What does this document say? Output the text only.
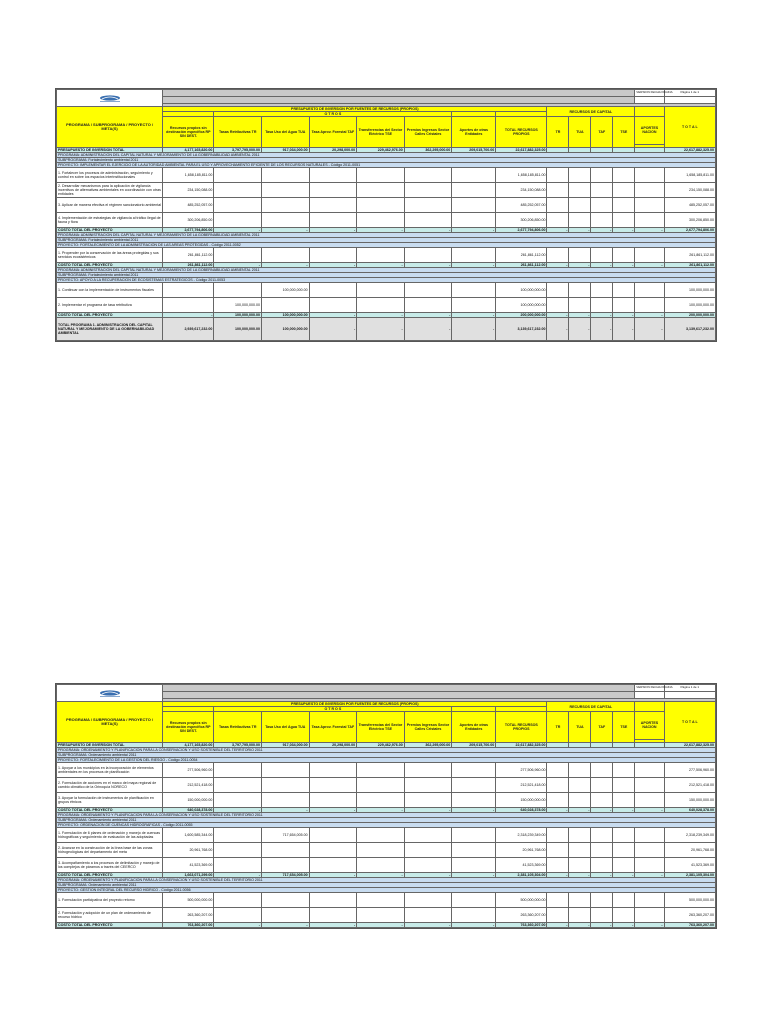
		VERSION FECHA PAGINA	Página 1 de 1

PROGRAMA / SUBPROGRAMA / PROYECTO / META(S)	PRESUPUESTO DE INVERSION POR FUENTES DE RECURSOS (PROPIOS)								RECURSOS DE CAPITAL					T O T A L
		O T R O S												
	Recursos propios sin destinación especifica RP SIN DEST.	Tasas Retributivas TR	Tasa Uso del Agua TUA	Tasa Aprov. Forestal TAF	Transferencias del Sector Eléctrico TSE	Premios Ingresos Sector Calles Cristales	Aportes de otras Entidades	TOTAL RECURSOS PROPIOS	TR	TUA	TAF	TSE	APORTES NACION	

PRESUPUESTO DE INVERSION TOTAL	4,177,165,820.00	3,797,795,000.00	917,034,000.00	20,298,000.00	229,462,976.00	362,295,000.00	209,015,700.00	22,617,882,325.00						22,617,882,325.00
PROGRAMA: ADMINISTRACION DEL CAPITAL NATURAL Y MEJORAMIENTO DE LA GOBERNABILIDAD AMBIENTAL 2011														
SUBPROGRAMA: Fortalecimiento ambiental 2011														
PROYECTO: IMPLEMENTAR EL EJERCICIO DE LA AUTORIDAD AMBIENTAL PARA EL USO Y APROVECHAMIENTO EFICIENTE DE LOS RECURSOS NATURALES - Código 2011-0051														
1. Fortalecer los procesos de administración, seguimiento y control en sobre los espacios interinstitucionales	1,658,185,811.00							1,658,185,811.00						1,658,185,811.00
2. Desarrollar mecanismos para la aplicación de vigilancia incentivos de alternativas ambientales en coordinación con otras entidades	234,150,088.00							234,150,088.00						234,150,088.00
3. Aplicar de manera efectiva el régimen sancionatorio ambiental	485,252,057.00							485,252,057.00						485,252,057.00
4. Implementación de estrategias de vigilancia al tráfico ilegal de fauna y flora	300,206,850.00							300,206,850.00						300,206,850.00
COSTO TOTAL DEL PROYECTO	2,677,794,806.00	-	-	-	-	-	-	2,677,794,806.00	-	-	-	-	-	2,677,794,806.00
PROGRAMA: ADMINISTRACION DEL CAPITAL NATURAL Y MEJORAMIENTO DE LA GOBERNABILIDAD AMBIENTAL 2011														
SUBPROGRAMA: Fortalecimiento ambiental 2011														
PROYECTO: FORTALECIMIENTO DE LA ADMINISTRACION DE LAS AREAS PROTEGIDAS - Código 2011-0052														
1. Propender por la conservación de las áreas protegidas y sus servicios ecosistémicos	261,861,112.00							261,861,112.00						261,861,112.00
COSTO TOTAL DEL PROYECTO	261,861,112.00	-	-	-	-	-	-	261,861,112.00	-	-	-	-	-	261,861,112.00
PROGRAMA: ADMINISTRACION DEL CAPITAL NATURAL Y MEJORAMIENTO DE LA GOBERNABILIDAD AMBIENTAL 2011														
SUBPROGRAMA: Fortalecimiento ambiental 2011														
PROYECTO: APOYO A LA RECUPERACION DE ECOSISTEMAS ESTRATEGICOS - Código 2011-0053														
1. Continuar con la implementación de instrumentos fiscales			100,000,000.00					100,000,000.00						100,000,000.00
2. Implementar el programa de tasa retributiva		100,000,000.00						100,000,000.00						100,000,000.00
COSTO TOTAL DEL PROYECTO	-	100,000,000.00	100,000,000.00	-	-	-	-	200,000,000.00	-	-	-	-	-	200,000,000.00
TOTAL PROGRAMA 1. ADMINISTRACION DEL CAPITAL NATURAL Y MEJORAMIENTO DE LA GOBERNABILIDAD AMBIENTAL	2,939,617,232.00	100,000,000.00	100,000,000.00	-	-	-	-	3,139,617,232.00	-	-	-	-	-	3,139,617,232.00
		VERSION FECHA PAGINA	Página 1 de 1

PROGRAMA / SUBPROGRAMA / PROYECTO / META(S)	PRESUPUESTO DE INVERSION POR FUENTES DE RECURSOS (PROPIOS)								RECURSOS DE CAPITAL					T O T A L
		O T R O S												
	Recursos propios sin destinación especifica RP SIN DEST.	Tasas Retributivas TR	Tasa Uso del Agua TUA	Tasa Aprov. Forestal TAF	Transferencias del Sector Eléctrico TSE	Premios Ingresos Sector Calles Cristales	Aportes de otras Entidades	TOTAL RECURSOS PROPIOS	TR	TUA	TAF	TSE	APORTES NACION	

PRESUPUESTO DE INVERSION TOTAL	4,177,165,820.00	3,797,795,000.00	917,034,000.00	20,298,000.00	229,462,976.00	362,295,000.00	209,015,700.00	22,617,882,325.00						22,617,882,325.00
PROGRAMA: ORDENAMIENTO Y PLANIFICACION PARA LA CONSERVACION Y USO SOSTENIBLE DEL TERRITORIO 2011														
SUBPROGRAMA: Ordenamiento ambiental 2011														
PROYECTO: FORTALECIMIENTO DE LA GESTION DEL RIESGO - Código 2011-0054														
1. Apoyar a los municipios en la incorporación de elementos ambientales en los procesos de planificación	277,506,960.00							277,506,960.00						277,506,960.00
2. Formulación de acciones en el marco del mapa regional de cambio climático de la Orinoquía NORECO	212,521,418.00							212,521,418.00						212,521,418.00
3. Apoyar la formulación de instrumentos de planificación en grupos étnicos	150,000,000.00							150,000,000.00						150,000,000.00
COSTO TOTAL DEL PROYECTO	640,028,378.00	-	-	-	-	-	-	640,028,378.00	-	-	-	-	-	640,028,378.00
PROGRAMA: ORDENAMIENTO Y PLANIFICACION PARA LA CONSERVACION Y USO SOSTENIBLE DEL TERRITORIO 2011														
SUBPROGRAMA: Ordenamiento ambiental 2011														
PROYECTO: ORDENACION DE CUENCAS HIDROGRAFICAS - Código 2011-0055														
1. Formulación de 6 planes de ordenación y manejo de cuencas hidrográficas y seguimiento de evaluación de las adoptadas	1,600,585,344.00		717,654,005.00					2,318,239,349.00						2,318,239,349.00
2. Avanzar en la construcción de la línea base de las zonas hidrogeológicas del departamento del meta	20,961,768.00							20,961,768.00						20,961,768.00
3. Acompañamiento a los procesos de delimitación y manejo de los complejos de páramos a través del CEERCO	41,523,369.00							41,523,369.00						41,523,369.00
COSTO TOTAL DEL PROYECTO	1,663,071,299.00	-	717,654,005.00	-	-	-	-	2,381,105,304.00	-	-	-	-	-	2,381,105,304.00
PROGRAMA: ORDENAMIENTO Y PLANIFICACION PARA LA CONSERVACION Y USO SOSTENIBLE DEL TERRITORIO 2011														
SUBPROGRAMA: Ordenamiento ambiental 2011														
PROYECTO: GESTION INTEGRAL DEL RECURSO HIDRICO - Código 2011-0056														
1. Formulación participativa del proyecto retomo	500,000,000.00							500,000,000.00						500,000,000.00
2. Formulación y adopción de un plan de ordenamiento de recurso hídrico	263,360,207.00							263,360,207.00						263,360,207.00
COSTO TOTAL DEL PROYECTO	763,360,207.00	-	-	-	-	-	-	763,360,207.00	-	-	-	-	-	763,360,207.00
